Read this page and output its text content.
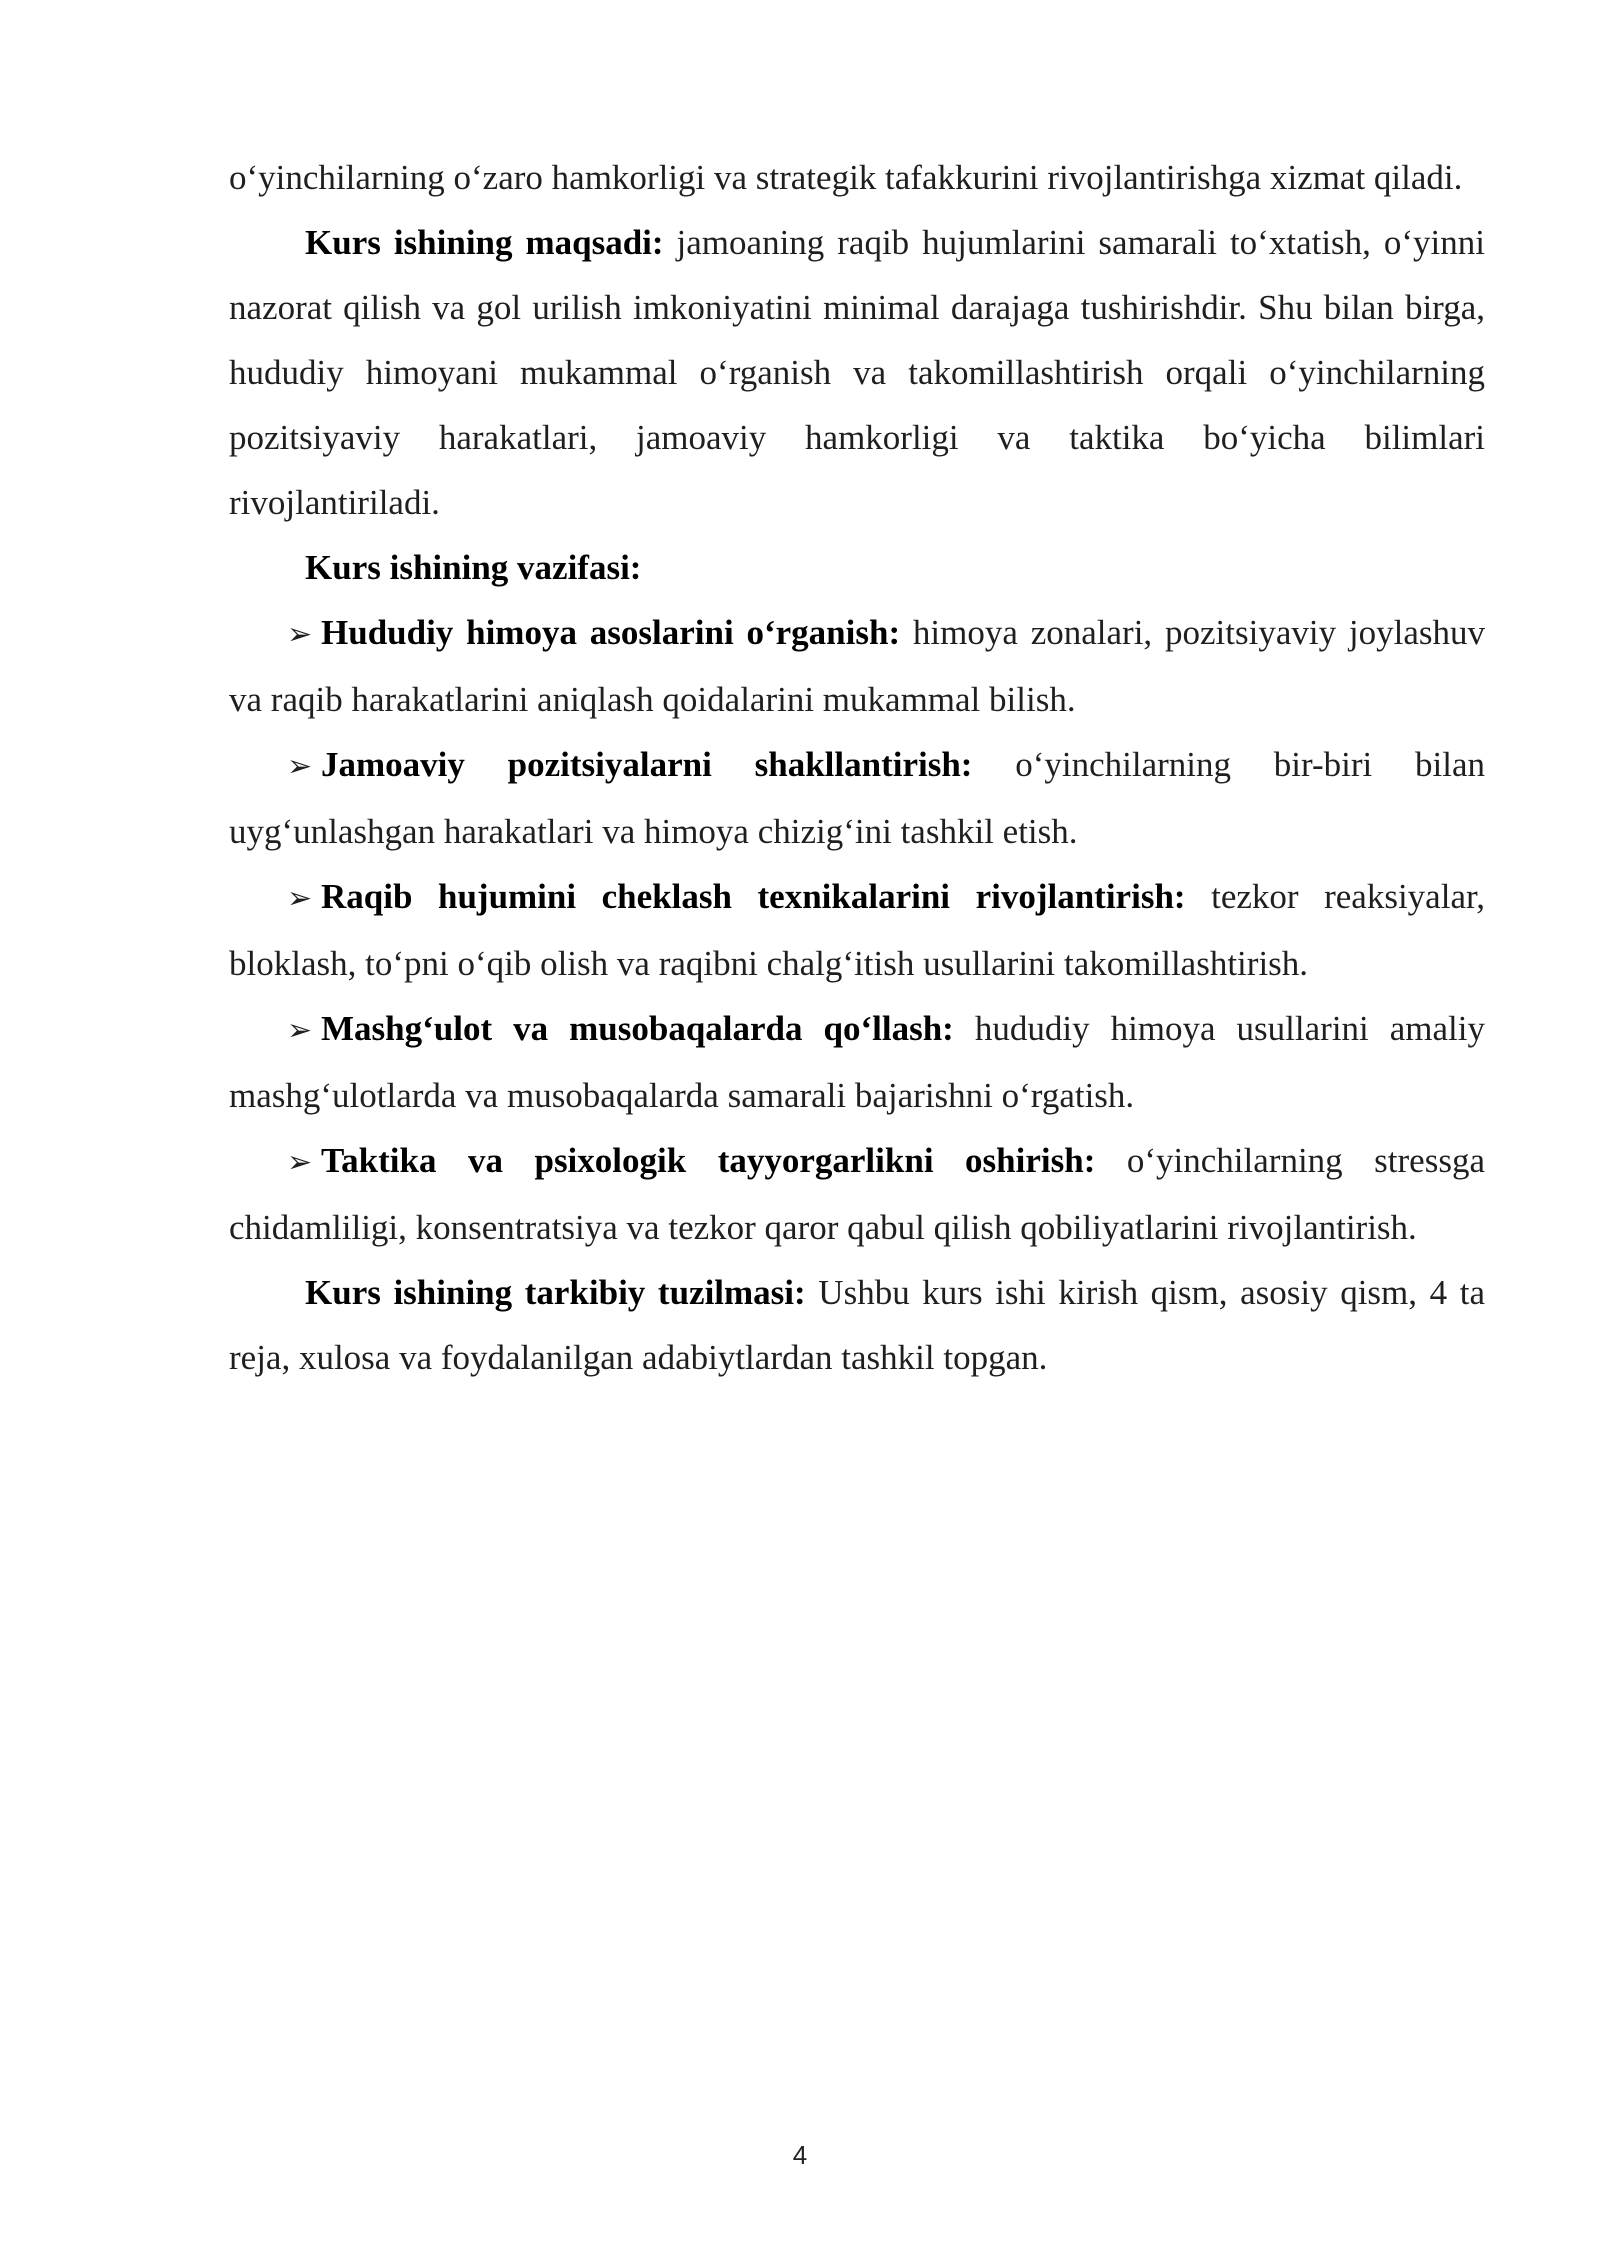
o‘yinchilarning o‘zaro hamkorligi va strategik tafakkurini rivojlantirishga xizmat qiladi.

Kurs ishining maqsadi: jamoaning raqib hujumlarini samarali to‘xtatish, o‘yinni nazorat qilish va gol urilish imkoniyatini minimal darajaga tushirishdir. Shu bilan birga, hududiy himoyani mukammal o‘rganish va takomillashtirish orqali o‘yinchilarning pozitsiyaviy harakatlari, jamoaviy hamkorligi va taktika bo‘yicha bilimlari rivojlantiriladi.

Kurs ishining vazifasi:

➢ Hududiy himoya asoslarini o‘rganish: himoya zonalari, pozitsiyaviy joylashuv va raqib harakatlarini aniqlash qoidalarini mukammal bilish.

➢ Jamoaviy pozitsiyalarni shakllantirish: o‘yinchilarning bir-biri bilan uyg‘unlashgan harakatlari va himoya chizig‘ini tashkil etish.

➢ Raqib hujumini cheklash texnikalarini rivojlantirish: tezkor reaksiyalar, bloklash, to‘pni o‘qib olish va raqibni chalg‘itish usullarini takomillashtirish.

➢ Mashg‘ulot va musobaqalarda qo‘llash: hududiy himoya usullarini amaliy mashg‘ulotlarda va musobaqalarda samarali bajarishni o‘rgatish.

➢ Taktika va psixologik tayyorgarlikni oshirish: o‘yinchilarning stressga chidamliligi, konsentratsiya va tezkor qaror qabul qilish qobiliyatlarini rivojlantirish.

Kurs ishining tarkibiy tuzilmasi: Ushbu kurs ishi kirish qism, asosiy qism, 4 ta reja, xulosa va foydalanilgan adabiytlardan tashkil topgan.

4
